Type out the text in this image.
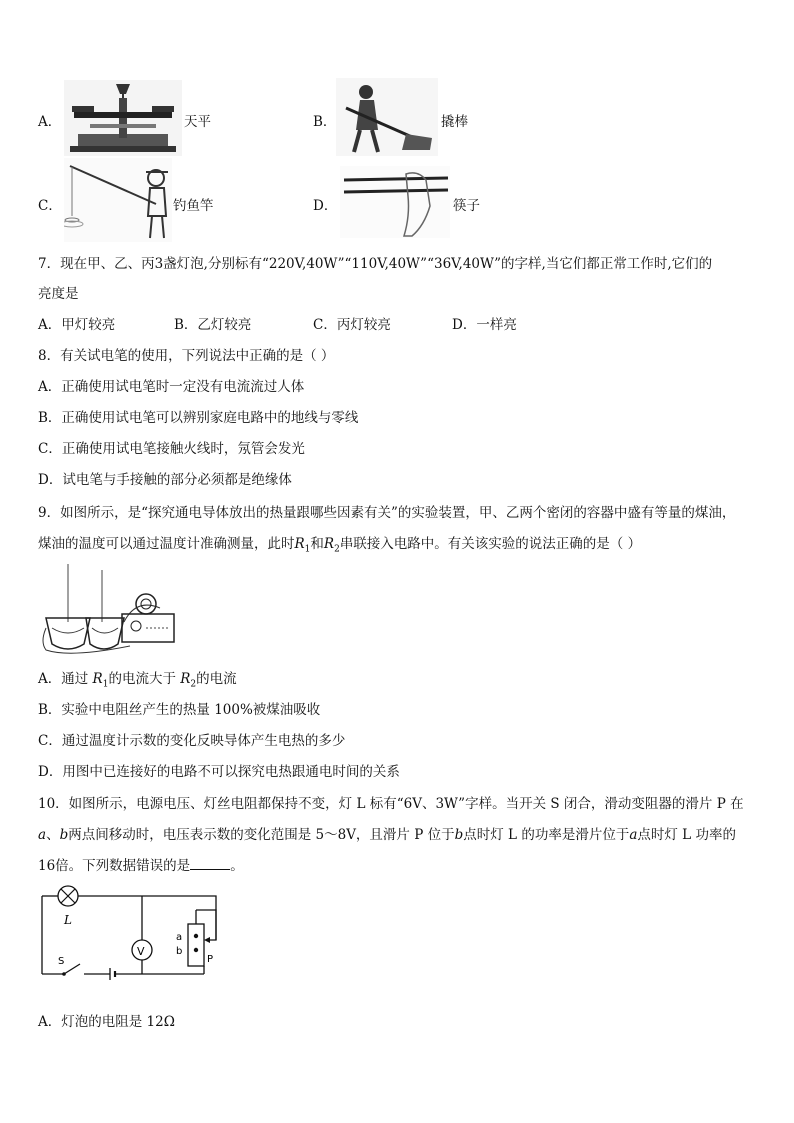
A．	天平	B．	撬棒
C．	钓鱼竿	D．	筷子
7．现在甲、乙、丙3盏灯泡,分别标有“220V,40W”“110V,40W”“36V,40W”的字样,当它们都正常工作时,它们的
亮度是
A．甲灯较亮	B．乙灯较亮	C．丙灯较亮	D．一样亮
8．有关试电笔的使用，下列说法中正确的是（ ）
A．正确使用试电笔时一定没有电流流过人体
B．正确使用试电笔可以辨别家庭电路中的地线与零线
C．正确使用试电笔接触火线时，氖管会发光
D．试电笔与手接触的部分必须都是绝缘体
9．如图所示，是“探究通电导体放出的热量跟哪些因素有关”的实验装置，甲、乙两个密闭的容器中盛有等量的煤油，
煤油的温度可以通过温度计准确测量，此时$R_1$和$R_2$串联接入电路中。有关该实验的说法正确的是（ ）
A．通过 $R_1$的电流大于 $R_2$的电流
B．实验中电阻丝产生的热量 100%被煤油吸收
C．通过温度计示数的变化反映导体产生电热的多少
D．用图中已连接好的电路不可以探究电热跟通电时间的关系
10．如图所示，电源电压、灯丝电阻都保持不变，灯 L 标有“6V、3W”字样。当开关 S 闭合，滑动变阻器的滑片 P 在
a、b两点间移动时，电压表示数的变化范围是 5～8V，且滑片 P 位于b点时灯 L 的功率是滑片位于a点时灯 L 功率的
16倍。下列数据错误的是	。
L
V
a
b
P
S
A．灯泡的电阻是 12Ω
